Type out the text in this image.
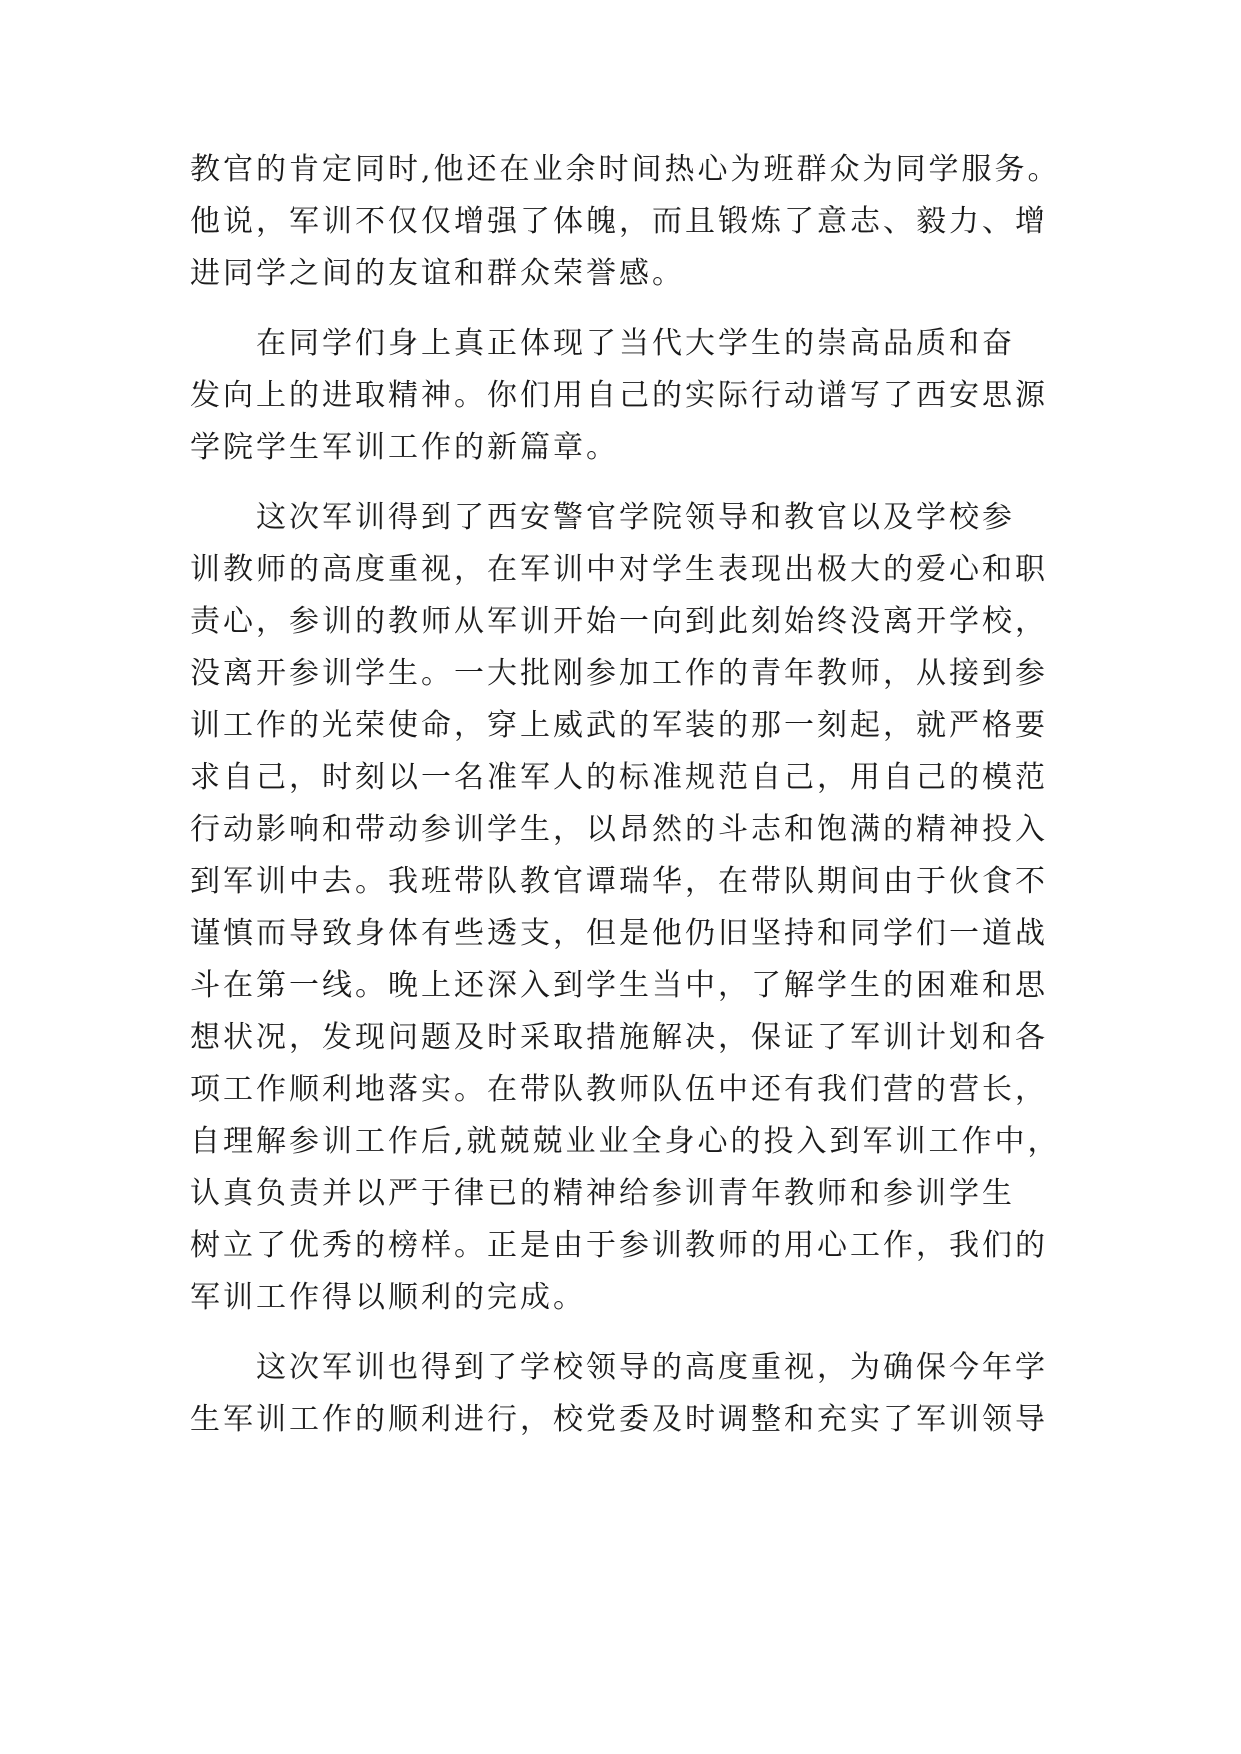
教官的肯定同时,他还在业余时间热心为班群众为同学服务。
他说，军训不仅仅增强了体魄，而且锻炼了意志、毅力、增
进同学之间的友谊和群众荣誉感。
　　在同学们身上真正体现了当代大学生的崇高品质和奋
发向上的进取精神。你们用自己的实际行动谱写了西安思源
学院学生军训工作的新篇章。
　　这次军训得到了西安警官学院领导和教官以及学校参
训教师的高度重视，在军训中对学生表现出极大的爱心和职
责心，参训的教师从军训开始一向到此刻始终没离开学校，
没离开参训学生。一大批刚参加工作的青年教师，从接到参
训工作的光荣使命，穿上威武的军装的那一刻起，就严格要
求自己，时刻以一名准军人的标准规范自己，用自己的模范
行动影响和带动参训学生，以昂然的斗志和饱满的精神投入
到军训中去。我班带队教官谭瑞华，在带队期间由于伙食不
谨慎而导致身体有些透支，但是他仍旧坚持和同学们一道战
斗在第一线。晚上还深入到学生当中，了解学生的困难和思
想状况，发现问题及时采取措施解决，保证了军训计划和各
项工作顺利地落实。在带队教师队伍中还有我们营的营长，
自理解参训工作后,就兢兢业业全身心的投入到军训工作中，
认真负责并以严于律已的精神给参训青年教师和参训学生
树立了优秀的榜样。正是由于参训教师的用心工作，我们的
军训工作得以顺利的完成。
　　这次军训也得到了学校领导的高度重视，为确保今年学
生军训工作的顺利进行，校党委及时调整和充实了军训领导
